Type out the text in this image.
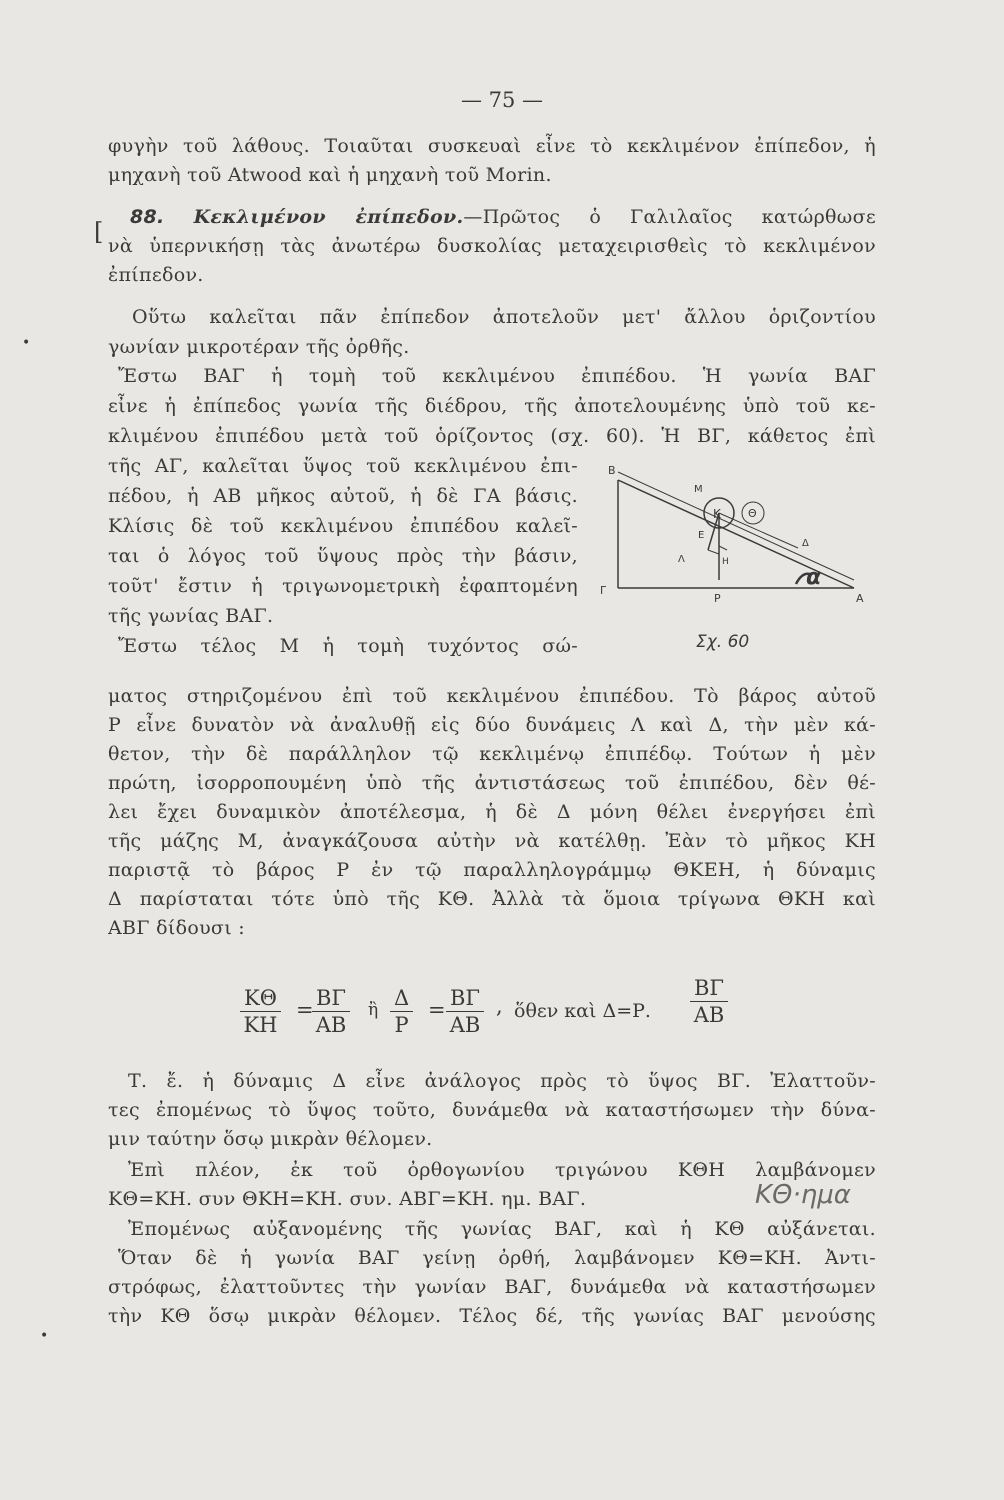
— 75 —
[
φυγὴν τοῦ λάθους. Τοιαῦται συσκευαὶ εἶνε τὸ κεκλιμένον ἐπίπεδον, ἡ
μηχανὴ τοῦ Atwood καὶ ἡ μηχανὴ τοῦ Morin.
88. Κεκλιμένον ἐπίπεδον.—Πρῶτος ὁ Γαλιλαῖος κατώρθωσε
νὰ ὑπερνικήσῃ τὰς ἀνωτέρω δυσκολίας μεταχειρισθεὶς τὸ κεκλιμένον
ἐπίπεδον.
Οὕτω καλεῖται πᾶν ἐπίπεδον ἀποτελοῦν μετ' ἄλλου ὁριζοντίου
γωνίαν μικροτέραν τῆς ὀρθῆς.
Ἔστω ΒΑΓ ἡ τομὴ τοῦ κεκλιμένου ἐπιπέδου. Ἡ γωνία ΒΑΓ
εἶνε ἡ ἐπίπεδος γωνία τῆς διέδρου, τῆς ἀποτελουμένης ὑπὸ τοῦ κε-
κλιμένου ἐπιπέδου μετὰ τοῦ ὁρίζοντος (σχ. 60). Ἡ ΒΓ, κάθετος ἐπὶ
τῆς ΑΓ, καλεῖται ὕψος τοῦ κεκλιμένου ἐπι-
πέδου, ἡ ΑΒ μῆκος αὐτοῦ, ἡ δὲ ΓΑ βάσις.
Κλίσις δὲ τοῦ κεκλιμένου ἐπιπέδου καλεῖ-
ται ὁ λόγος τοῦ ὕψους πρὸς τὴν βάσιν,
τοῦτ' ἔστιν ἡ τριγωνομετρικὴ ἐφαπτομένη
τῆς γωνίας ΒΑΓ.
Ἔστω τέλος Μ ἡ τομὴ τυχόντος σώ-
B
Γ
A
P
K
M
Θ
E
Λ
Δ
H
α
Σχ. 60
ματος στηριζομένου ἐπὶ τοῦ κεκλιμένου ἐπιπέδου. Τὸ βάρος αὐτοῦ
Ρ εἶνε δυνατὸν νὰ ἀναλυθῇ εἰς δύο δυνάμεις Λ καὶ Δ, τὴν μὲν κά-
θετον, τὴν δὲ παράλληλον τῷ κεκλιμένῳ ἐπιπέδῳ. Τούτων ἡ μὲν
πρώτη, ἰσορροπουμένη ὑπὸ τῆς ἀντιστάσεως τοῦ ἐπιπέδου, δὲν θέ-
λει ἔχει δυναμικὸν ἀποτέλεσμα, ἡ δὲ Δ μόνη θέλει ἐνεργήσει ἐπὶ
τῆς μάζης Μ, ἀναγκάζουσα αὐτὴν νὰ κατέλθῃ. Ἐὰν τὸ μῆκος ΚΗ
παριστᾷ τὸ βάρος Ρ ἐν τῷ παραλληλογράμμῳ ΘΚΕΗ, ἡ δύναμις
Δ παρίσταται τότε ὑπὸ τῆς ΚΘ. Ἀλλὰ τὰ ὅμοια τρίγωνα ΘΚΗ καὶ
ΑΒΓ δίδουσι :
$\frac{K\Theta}{KH}$ =
$\frac{B\Gamma}{AB}$ ἢ $\frac{\Delta}{P} = \frac{B\Gamma}{AB}$ , ὅθεν καὶ Δ=Ρ. $\frac{B\Gamma}{AB}$
Τ. ἔ. ἡ δύναμις Δ εἶνε ἀνάλογος πρὸς τὸ ὕψος ΒΓ. Ἐλαττοῦν-
τες ἐπομένως τὸ ὕψος τοῦτο, δυνάμεθα νὰ καταστήσωμεν τὴν δύνα-
μιν ταύτην ὅσῳ μικρὰν θέλομεν.
Ἐπὶ πλέον, ἐκ τοῦ ὀρθογωνίου τριγώνου ΚΘΗ λαμβάνομεν
ΚΘ=ΚΗ. συν ΘΚΗ=ΚΗ. συν. ΑΒΓ=ΚΗ. ημ. ΒΑΓ.	ΚΘ·ημα
Ἐπομένως αὐξανομένης τῆς γωνίας ΒΑΓ, καὶ ἡ ΚΘ αὐξάνεται.
Ὅταν δὲ ἡ γωνία ΒΑΓ γείνῃ ὀρθή, λαμβάνομεν ΚΘ=ΚΗ. Ἀντι-
στρόφως, ἐλαττοῦντες τὴν γωνίαν ΒΑΓ, δυνάμεθα νὰ καταστήσωμεν
τὴν ΚΘ ὅσῳ μικρὰν θέλομεν. Τέλος δέ, τῆς γωνίας ΒΑΓ μενούσης
•
•
